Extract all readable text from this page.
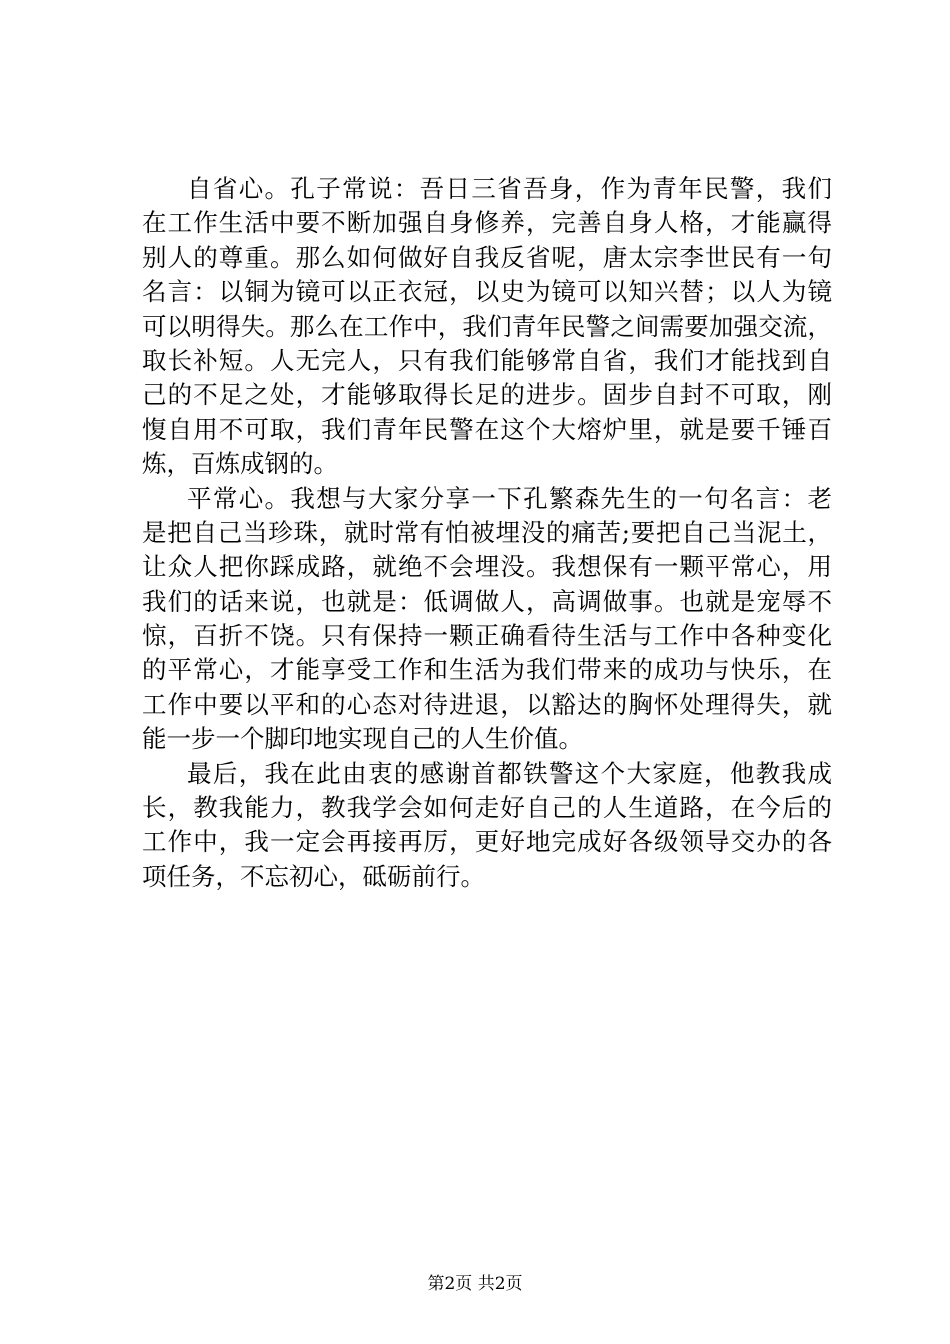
自省心。孔子常说：吾日三省吾身，作为青年民警，我们
在工作生活中要不断加强自身修养，完善自身人格，才能赢得
别人的尊重。那么如何做好自我反省呢，唐太宗李世民有一句
名言：以铜为镜可以正衣冠，以史为镜可以知兴替；以人为镜
可以明得失。那么在工作中，我们青年民警之间需要加强交流，
取长补短。人无完人，只有我们能够常自省，我们才能找到自
己的不足之处，才能够取得长足的进步。固步自封不可取，刚
愎自用不可取，我们青年民警在这个大熔炉里，就是要千锤百
炼，百炼成钢的。
平常心。我想与大家分享一下孔繁森先生的一句名言：老
是把自己当珍珠，就时常有怕被埋没的痛苦;要把自己当泥土，
让众人把你踩成路，就绝不会埋没。我想保有一颗平常心，用
我们的话来说，也就是：低调做人，高调做事。也就是宠辱不
惊，百折不饶。只有保持一颗正确看待生活与工作中各种变化
的平常心，才能享受工作和生活为我们带来的成功与快乐，在
工作中要以平和的心态对待进退，以豁达的胸怀处理得失，就
能一步一个脚印地实现自己的人生价值。
最后，我在此由衷的感谢首都铁警这个大家庭，他教我成
长，教我能力，教我学会如何走好自己的人生道路，在今后的
工作中，我一定会再接再厉，更好地完成好各级领导交办的各
项任务，不忘初心，砥砺前行。
第2页 共2页
